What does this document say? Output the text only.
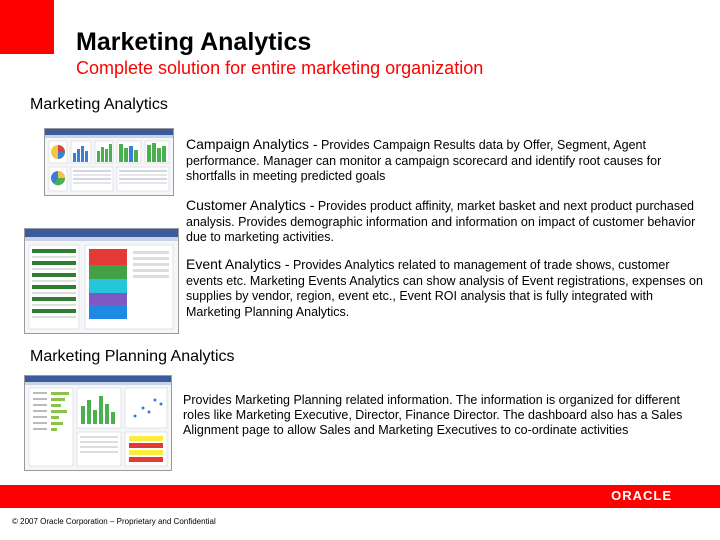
Marketing Analytics
Complete solution for entire marketing organization
Marketing Analytics
Campaign Analytics - Provides Campaign Results data by Offer, Segment, Agent performance. Manager can monitor a campaign scorecard and identify root causes for shortfalls in meeting predicted goals
Customer Analytics - Provides product affinity, market basket and next product purchased analysis. Provides demographic information and information on impact of customer behavior due to marketing activities.
Event Analytics - Provides Analytics related to management of trade shows, customer events etc. Marketing Events Analytics can show analysis of Event registrations, expenses on supplies by vendor, region, event etc., Event ROI analysis that is fully integrated with Marketing Planning Analytics.
Marketing Planning Analytics
Provides Marketing Planning related information. The information is organized for different roles like Marketing Executive, Director, Finance Director. The dashboard also has a Sales Alignment page to allow Sales and Marketing Executives to co-ordinate activities
ORACLE
© 2007 Oracle Corporation – Proprietary and Confidential
